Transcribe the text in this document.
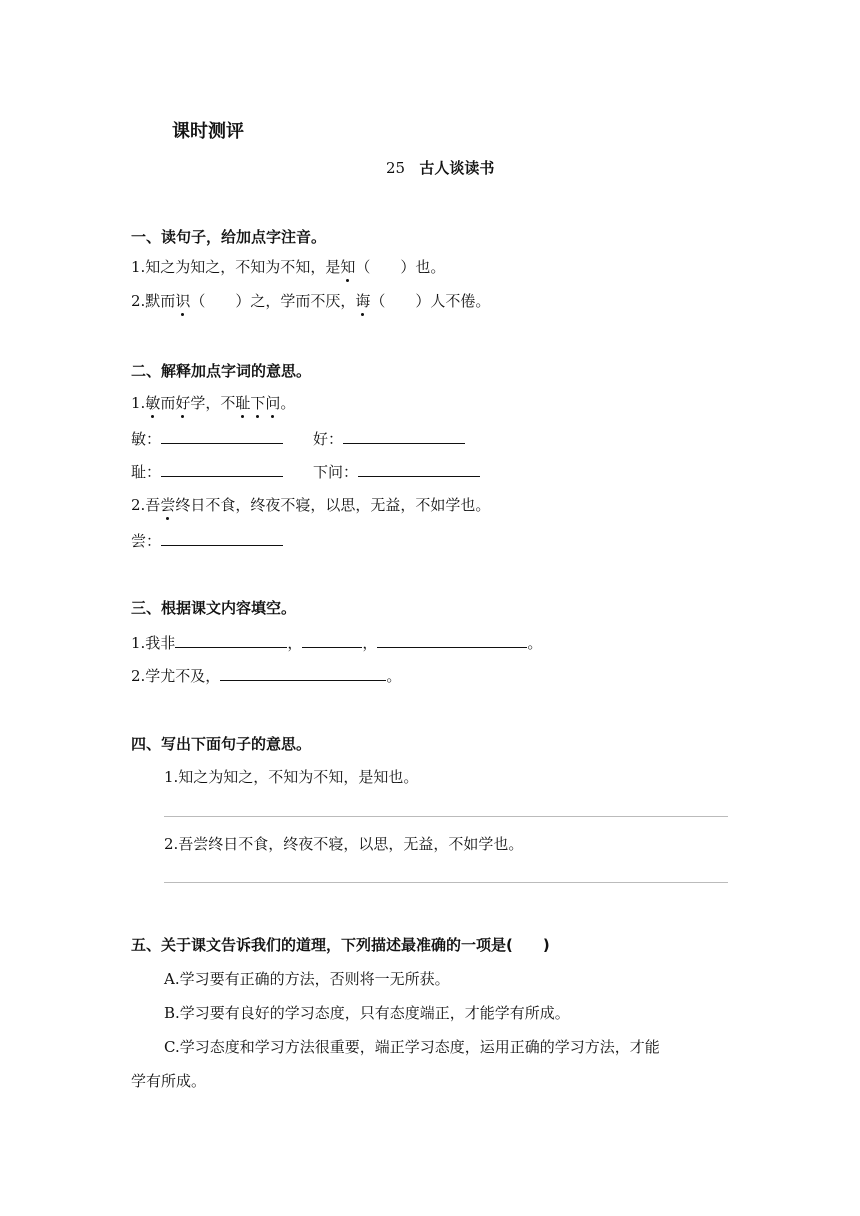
课时测评
25 古人谈读书
一、读句子，给加点字注音。
1.知之为知之，不知为不知，是知（　　）也。
2.默而识（　　）之，学而不厌，诲（　　）人不倦。
二、解释加点字词的意思。
1.敏而好学，不耻下问。
敏：	好：
耻：	下问：
2.吾尝终日不食，终夜不寝，以思，无益，不如学也。
尝：
三、根据课文内容填空。
1.我非	，	，	。
2.学尤不及，	。
四、写出下面句子的意思。
1.知之为知之，不知为不知，是知也。
2.吾尝终日不食，终夜不寝，以思，无益，不如学也。
五、关于课文告诉我们的道理，下列描述最准确的一项是(　　)
A.学习要有正确的方法，否则将一无所获。
B.学习要有良好的学习态度，只有态度端正，才能学有所成。
C.学习态度和学习方法很重要，端正学习态度，运用正确的学习方法，才能
学有所成。
